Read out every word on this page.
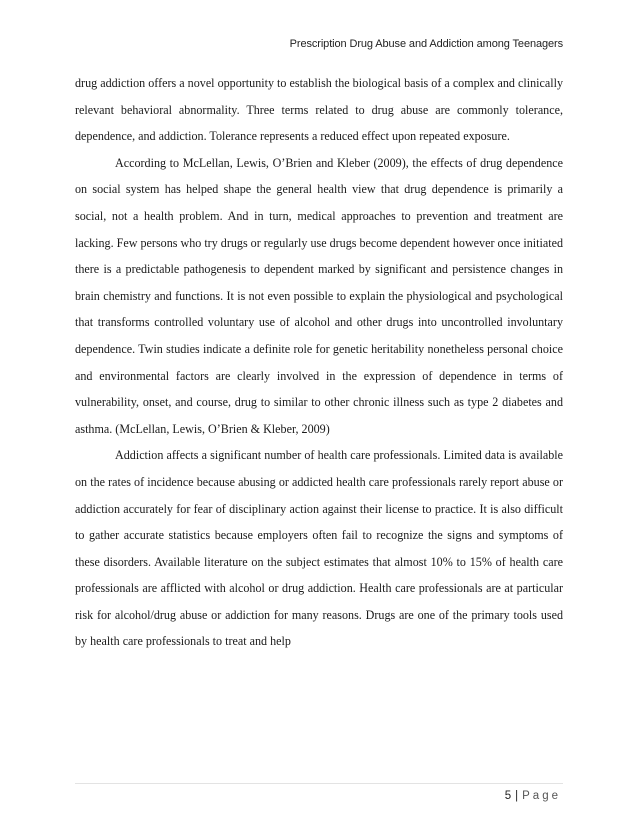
Prescription Drug Abuse and Addiction among Teenagers

drug addiction offers a novel opportunity to establish the biological basis of a complex and clinically relevant behavioral abnormality. Three terms related to drug abuse are commonly tolerance, dependence, and addiction. Tolerance represents a reduced effect upon repeated exposure.

According to McLellan, Lewis, O’Brien and Kleber (2009), the effects of drug dependence on social system has helped shape the general health view that drug dependence is primarily a social, not a health problem. And in turn, medical approaches to prevention and treatment are lacking. Few persons who try drugs or regularly use drugs become dependent however once initiated there is a predictable pathogenesis to dependent marked by significant and persistence changes in brain chemistry and functions. It is not even possible to explain the physiological and psychological that transforms controlled voluntary use of alcohol and other drugs into uncontrolled involuntary dependence. Twin studies indicate a definite role for genetic heritability nonetheless personal choice and environmental factors are clearly involved in the expression of dependence in terms of vulnerability, onset, and course, drug to similar to other chronic illness such as type 2 diabetes and asthma. (McLellan, Lewis, O’Brien & Kleber, 2009)

Addiction affects a significant number of health care professionals. Limited data is available on the rates of incidence because abusing or addicted health care professionals rarely report abuse or addiction accurately for fear of disciplinary action against their license to practice. It is also difficult to gather accurate statistics because employers often fail to recognize the signs and symptoms of these disorders. Available literature on the subject estimates that almost 10% to 15% of health care professionals are afflicted with alcohol or drug addiction. Health care professionals are at particular risk for alcohol/drug abuse or addiction for many reasons. Drugs are one of the primary tools used by health care professionals to treat and help

5 | Page
